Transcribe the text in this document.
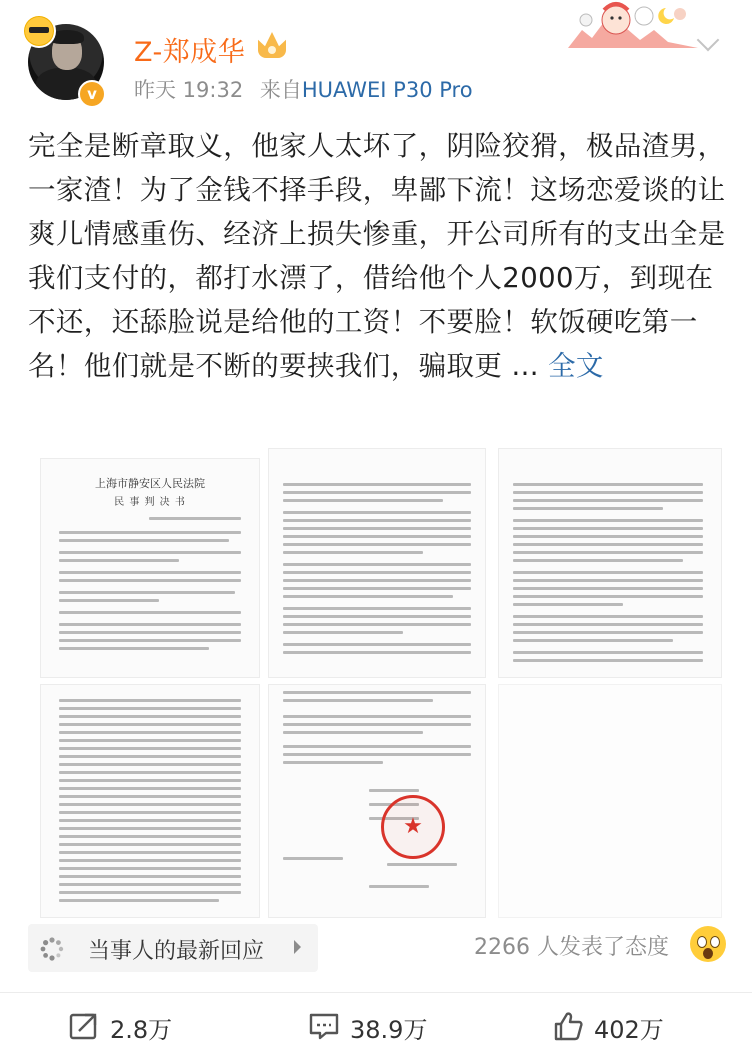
v
Z-郑成华
昨天 19:32 来自HUAWEI P30 Pro
完全是断章取义，他家人太坏了，阴险狡猾，极品渣男，一家渣！为了金钱不择手段，卑鄙下流！这场恋爱谈的让爽儿情感重伤、经济上损失惨重，开公司所有的支出全是我们支付的，都打水漂了，借给他个人2000万，到现在不还，还舔脸说是给他的工资！不要脸！软饭硬吃第一名！他们就是不断的要挟我们，骗取更 ... 全文
上海市静安区人民法院
民 事 判 决 书
★
当事人的最新回应	2266 人发表了态度
2.8万	38.9万	402万
